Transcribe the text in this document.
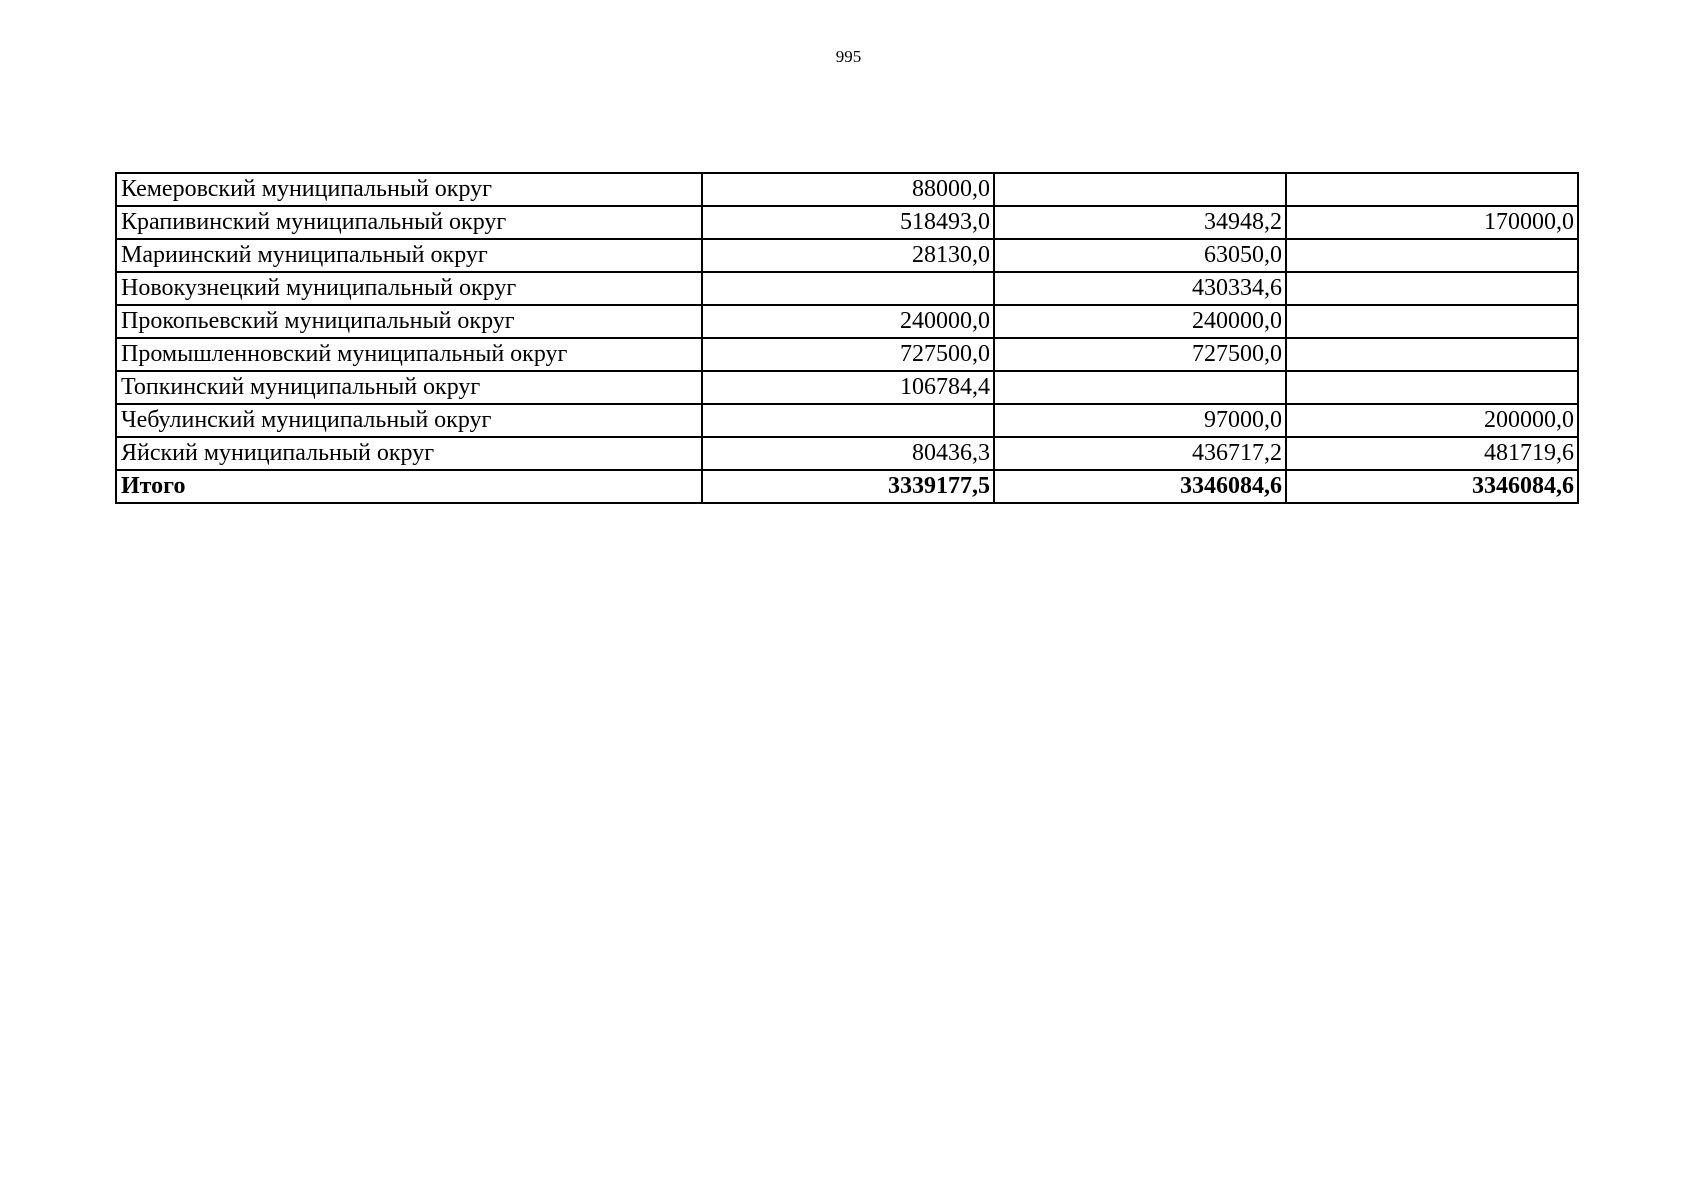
995
Кемеровский муниципальный округ	88000,0		
Крапивинский муниципальный округ	518493,0	34948,2	170000,0
Мариинский муниципальный округ	28130,0	63050,0	
Новокузнецкий муниципальный округ		430334,6	
Прокопьевский муниципальный округ	240000,0	240000,0	
Промышленновский муниципальный округ	727500,0	727500,0	
Топкинский муниципальный округ	106784,4		
Чебулинский муниципальный округ		97000,0	200000,0
Яйский муниципальный округ	80436,3	436717,2	481719,6
Итого	3339177,5	3346084,6	3346084,6
